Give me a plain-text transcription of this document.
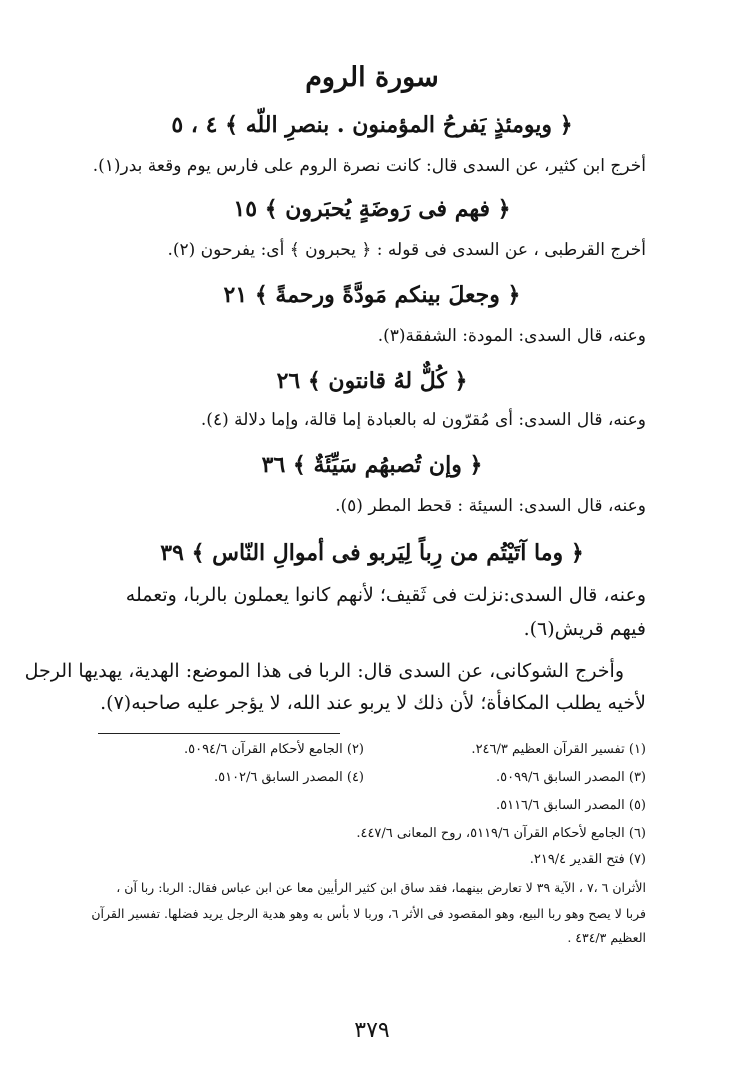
سورة الروم
﴿ ويومئذٍ يَفرحُ المؤمنون . بنصرِ اللّه ﴾ ٤ ، ٥
أخرج ابن كثير، عن السدى قال: كانت نصرة الروم على فارس يوم وقعة بدر(١).
﴿ فهم فى رَوضَةٍ يُحبَرون ﴾ ١٥
أخرج القرطبى ، عن السدى فى قوله : ﴿ يحبرون ﴾ أى: يفرحون (٢).
﴿ وجعلَ بينكم مَودَّةً ورحمةً ﴾ ٢١
وعنه، قال السدى: المودة: الشفقة(٣).
﴿ كُلٌّ لهُ قانتون ﴾ ٢٦
وعنه، قال السدى: أى مُقرّون له بالعبادة إما قالة، وإما دلالة (٤).
﴿ وإن تُصبهُم سَيِّئَةٌ ﴾ ٣٦
وعنه، قال السدى: السيئة : قحط المطر (٥).
﴿ وما آتَيْتُم من رِباً لِيَربو فى أموالِ النّاس ﴾ ٣٩
وعنه، قال السدى:نزلت فى ثَقيف؛ لأنهم كانوا يعملون بالربا، وتعمله
فيهم قريش(٦).
وأخرج الشوكانى، عن السدى قال: الربا فى هذا الموضع: الهدية، يهديها الرجل
لأخيه يطلب المكافأة؛ لأن ذلك لا يربو عند الله، لا يؤجر عليه صاحبه(٧).
(١) تفسير القرآن العظيم ٢٤٦/٣.
(٢) الجامع لأحكام القرآن ٥٠٩٤/٦.
(٣) المصدر السابق ٥٠٩٩/٦.
(٤) المصدر السابق ٥١٠٢/٦.
(٥) المصدر السابق ٥١١٦/٦.
(٦) الجامع لأحكام القرآن ٥١١٩/٦، روح المعانى ٤٤٧/٦.
(٧) فتح القدير ٢١٩/٤.
الأثران ٦ ،٧ ، الآية ٣٩ لا تعارض بينهما، فقد ساق ابن كثير الرأيين معا عن ابن عباس فقال: الربا: ربا آن ،
فربا لا يصح وهو ربا البيع، وهو المقصود فى الأثر ٦، وربا لا بأس به وهو هدية الرجل يريد فضلها. تفسير القرآن
العظيم ٤٣٤/٣ .
٣٧٩
